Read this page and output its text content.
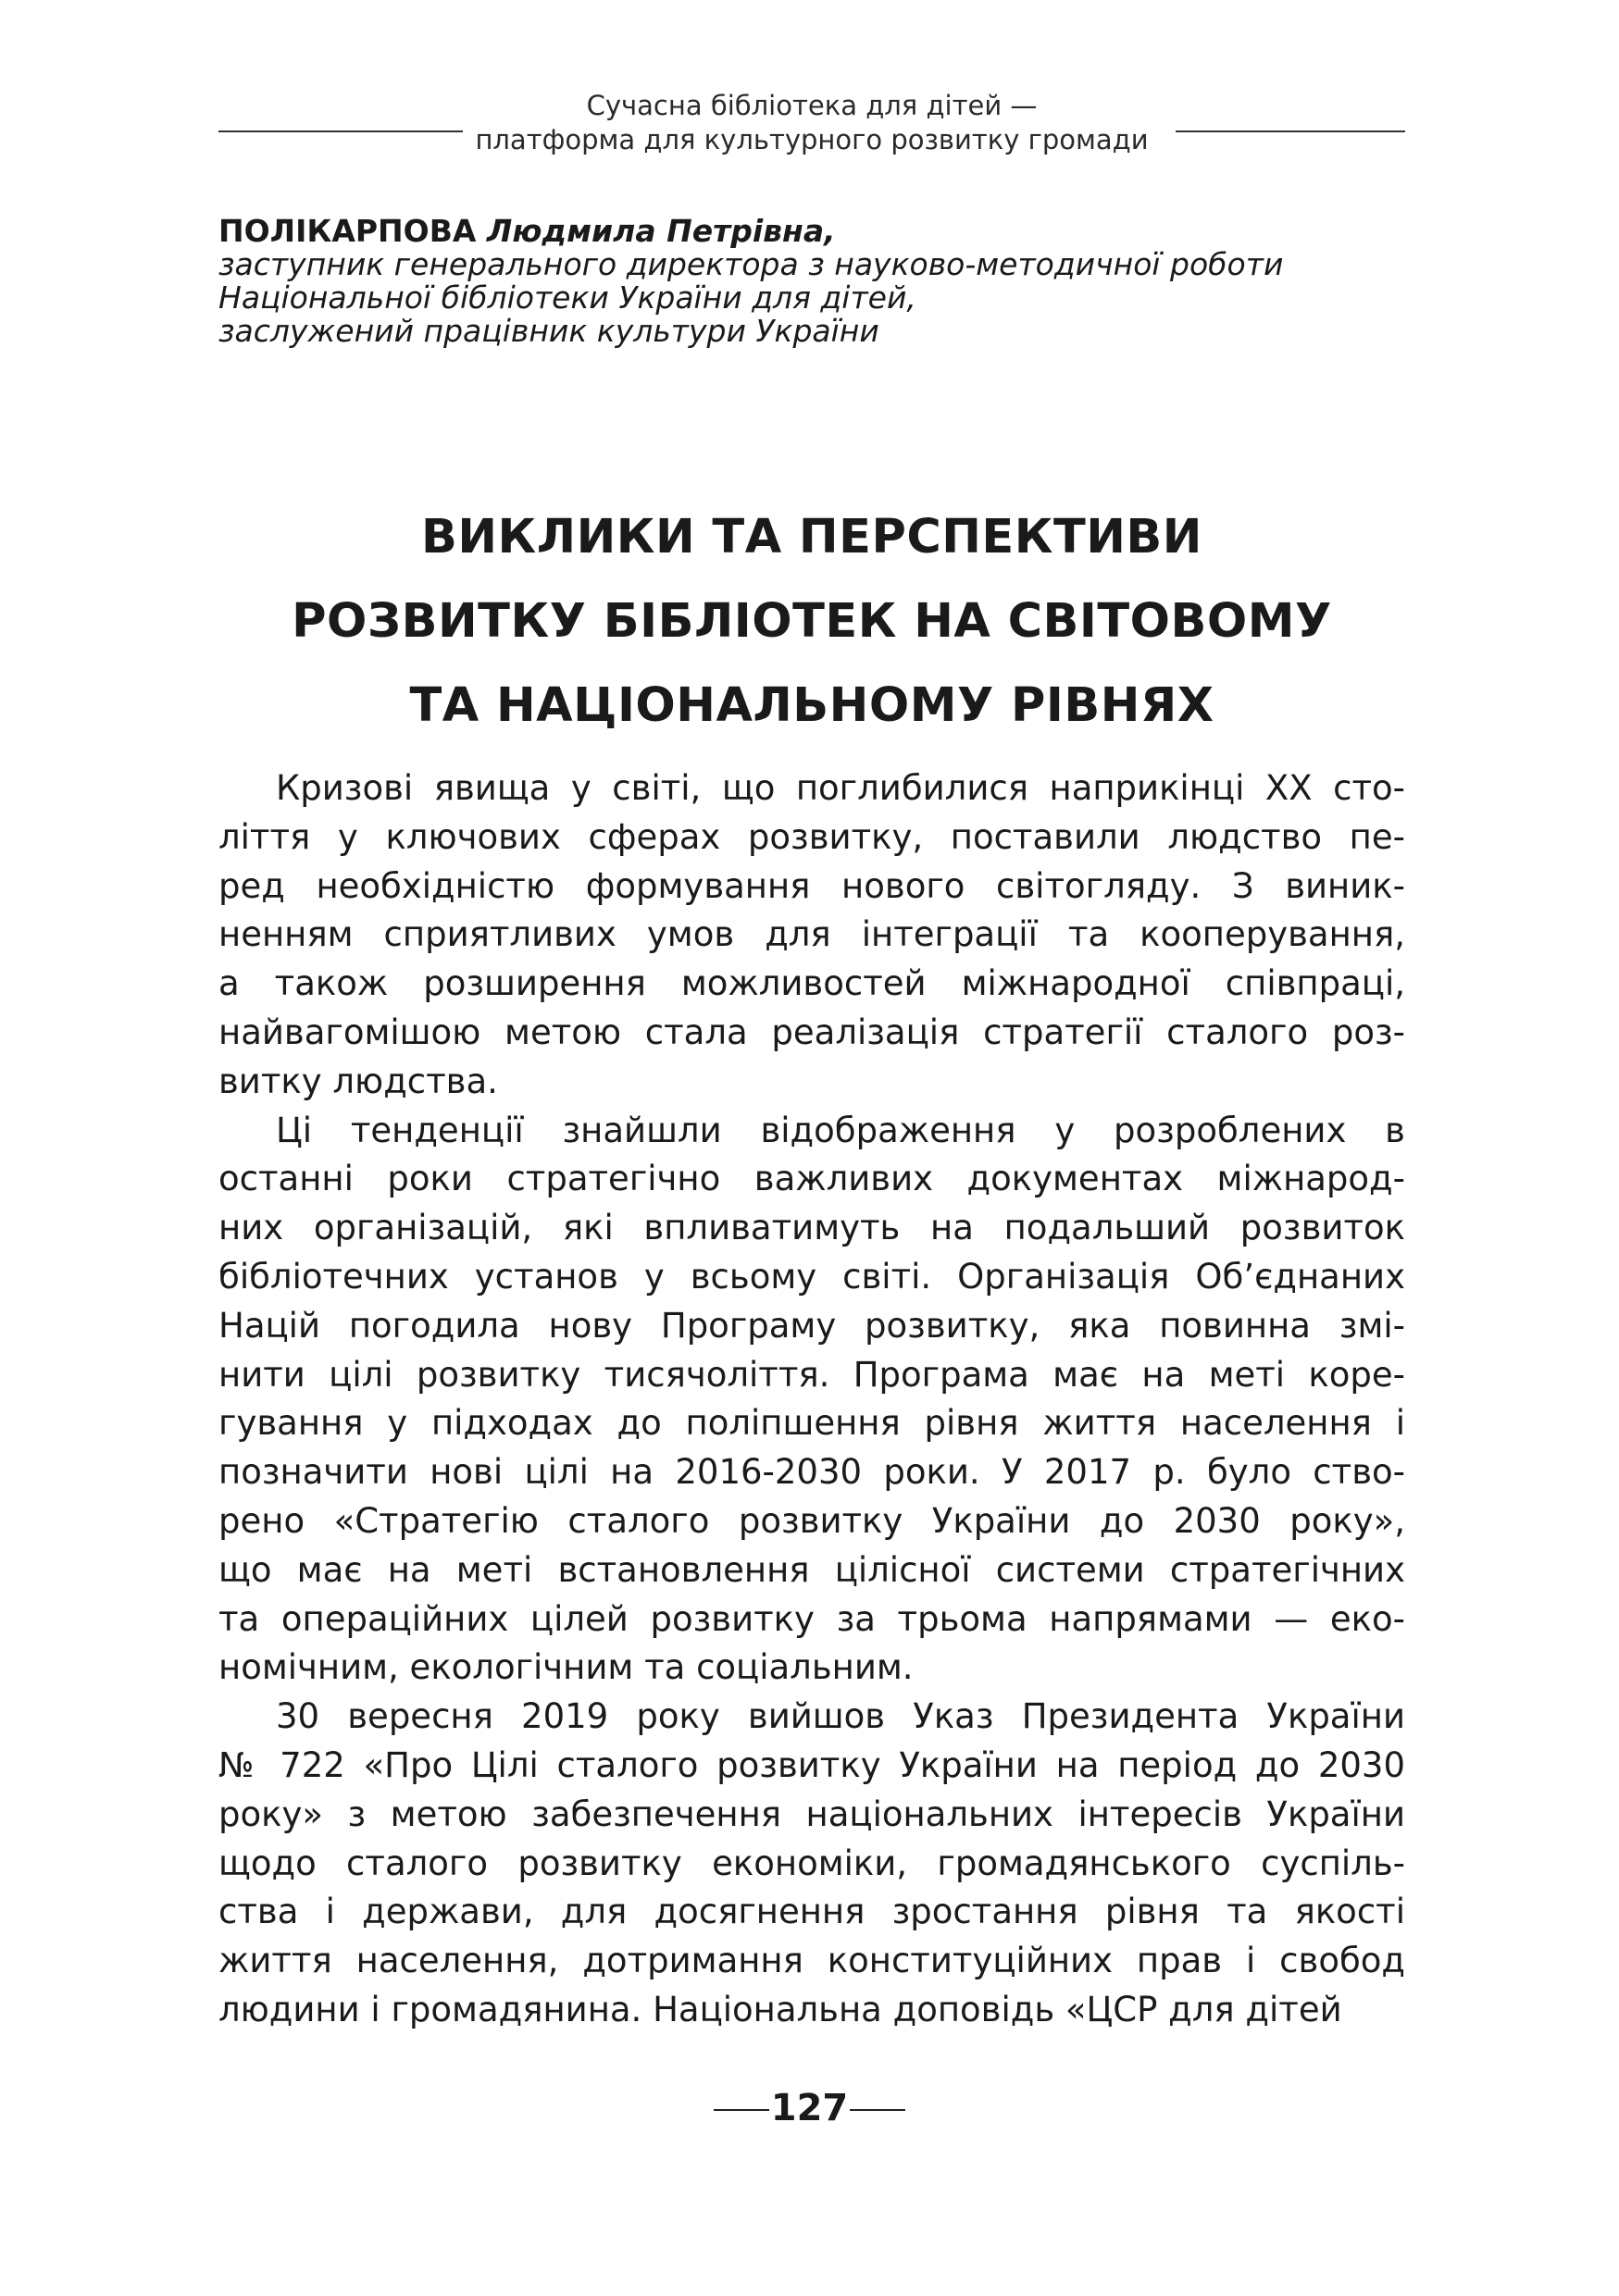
Сучасна бібліотека для дітей —
платформа для культурного розвитку громади
ПОЛІКАРПОВА Людмила Петрівна,
заступник генерального директора з науково-методичної роботи
Національної бібліотеки України для дітей,
заслужений працівник культури України
ВИКЛИКИ ТА ПЕРСПЕКТИВИ
РОЗВИТКУ БІБЛІОТЕК НА СВІТОВОМУ
ТА НАЦІОНАЛЬНОМУ РІВНЯХ

Кризові явища у світі, що поглибилися наприкінці XX сто-
ліття у ключових сферах розвитку, поставили людство пе-
ред необхідністю формування нового світогляду. З виник-
ненням сприятливих умов для інтеграції та кооперування,
а також розширення можливостей міжнародної співпраці,
найвагомішою метою стала реалізація стратегії сталого роз-
витку людства.

Ці тенденції знайшли відображення у розроблених в
останні роки стратегічно важливих документах міжнарод-
них організацій, які впливатимуть на подальший розвиток
бібліотечних установ у всьому світі. Організація Об’єднаних
Націй погодила нову Програму розвитку, яка повинна змі-
нити цілі розвитку тисячоліття. Програма має на меті коре-
гування у підходах до поліпшення рівня життя населення і
позначити нові цілі на 2016-2030 роки. У 2017 р. було ство-
рено «Стратегію сталого розвитку України до 2030 року»,
що має на меті встановлення цілісної системи стратегічних
та операційних цілей розвитку за трьома напрямами — еко-
номічним, екологічним та соціальним.

30 вересня 2019 року вийшов Указ Президента України
№ 722 «Про Цілі сталого розвитку України на період до 2030
року» з метою забезпечення національних інтересів України
щодо сталого розвитку економіки, громадянського суспіль-
ства і держави, для досягнення зростання рівня та якості
життя населення, дотримання конституційних прав і свобод
людини і громадянина. Національна доповідь «ЦСР для дітей

127
